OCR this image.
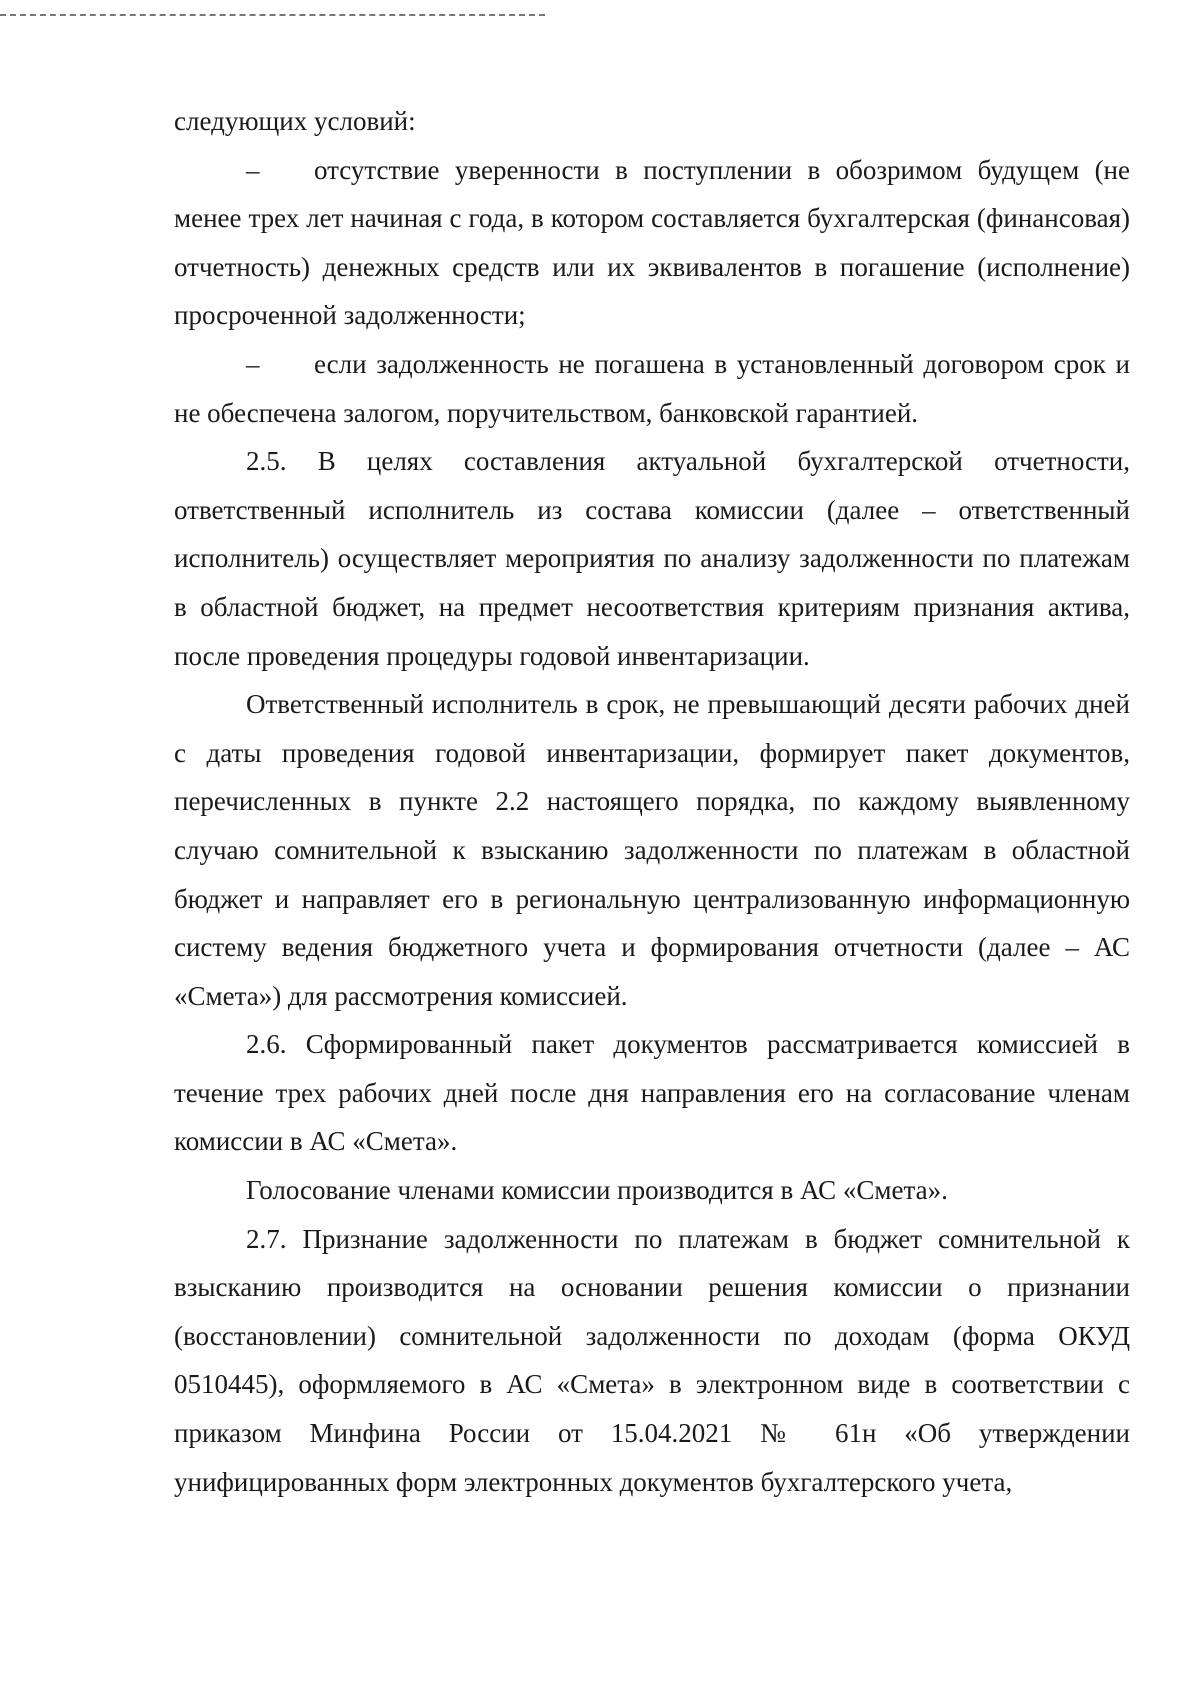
следующих условий:

– отсутствие уверенности в поступлении в обозримом будущем (не менее трех лет начиная с года, в котором составляется бухгалтерская (финансовая) отчетность) денежных средств или их эквивалентов в погашение (исполнение) просроченной задолженности;

– если задолженность не погашена в установленный договором срок и не обеспечена залогом, поручительством, банковской гарантией.

2.5. В целях составления актуальной бухгалтерской отчетности, ответственный исполнитель из состава комиссии (далее – ответственный исполнитель) осуществляет мероприятия по анализу задолженности по платежам в областной бюджет, на предмет несоответствия критериям признания актива, после проведения процедуры годовой инвентаризации.

Ответственный исполнитель в срок, не превышающий десяти рабочих дней с даты проведения годовой инвентаризации, формирует пакет документов, перечисленных в пункте 2.2 настоящего порядка, по каждому выявленному случаю сомнительной к взысканию задолженности по платежам в областной бюджет и направляет его в региональную централизованную информационную систему ведения бюджетного учета и формирования отчетности (далее – АС «Смета») для рассмотрения комиссией.

2.6. Сформированный пакет документов рассматривается комиссией в течение трех рабочих дней после дня направления его на согласование членам комиссии в АС «Смета».

Голосование членами комиссии производится в АС «Смета».

2.7. Признание задолженности по платежам в бюджет сомнительной к взысканию производится на основании решения комиссии о признании (восстановлении) сомнительной задолженности по доходам (форма ОКУД 0510445), оформляемого в АС «Смета» в электронном виде в соответствии с приказом Минфина России от 15.04.2021 № 61н «Об утверждении унифицированных форм электронных документов бухгалтерского учета,
